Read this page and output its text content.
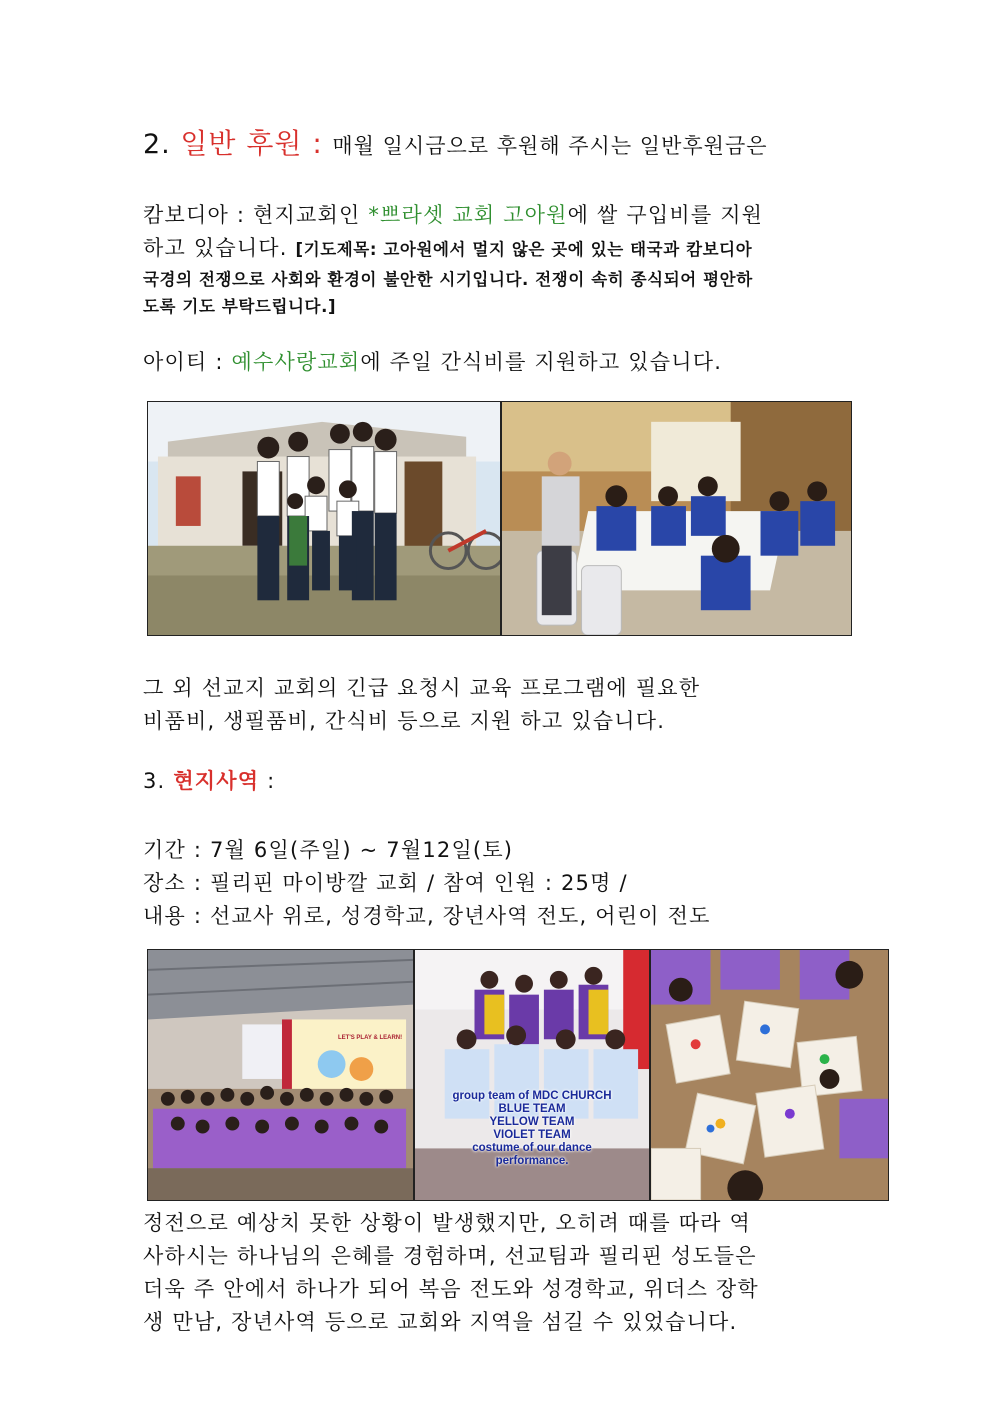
2. 일반 후원 : 매월 일시금으로 후원해 주시는 일반후원금은
캄보디아 : 현지교회인 *쁘라셋 교회 고아원에 쌀 구입비를 지원
하고 있습니다. [기도제목: 고아원에서 멀지 않은 곳에 있는 태국과 캄보디아
국경의 전쟁으로 사회와 환경이 불안한 시기입니다. 전쟁이 속히 종식되어 평안하
도록 기도 부탁드립니다.]
아이티 : 예수사랑교회에 주일 간식비를 지원하고 있습니다.
그 외 선교지 교회의 긴급 요청시 교육 프로그램에 필요한
비품비, 생필품비, 간식비 등으로 지원 하고 있습니다.
3. 현지사역 :
기간 : 7월 6일(주일) ~ 7월12일(토)
장소 : 필리핀 마이방깔 교회 / 참여 인원 : 25명 /
내용 : 선교사 위로, 성경학교, 장년사역 전도, 어린이 전도
LET'S PLAY & LEARN!
group team of MDC CHURCH
BLUE TEAM
YELLOW TEAM
VIOLET TEAM
costume of our dance
performance.
정전으로 예상치 못한 상황이 발생했지만, 오히려 때를 따라 역
사하시는 하나님의 은혜를 경험하며, 선교팀과 필리핀 성도들은
더욱 주 안에서 하나가 되어 복음 전도와 성경학교, 위더스 장학
생 만남, 장년사역 등으로 교회와 지역을 섬길 수 있었습니다.
